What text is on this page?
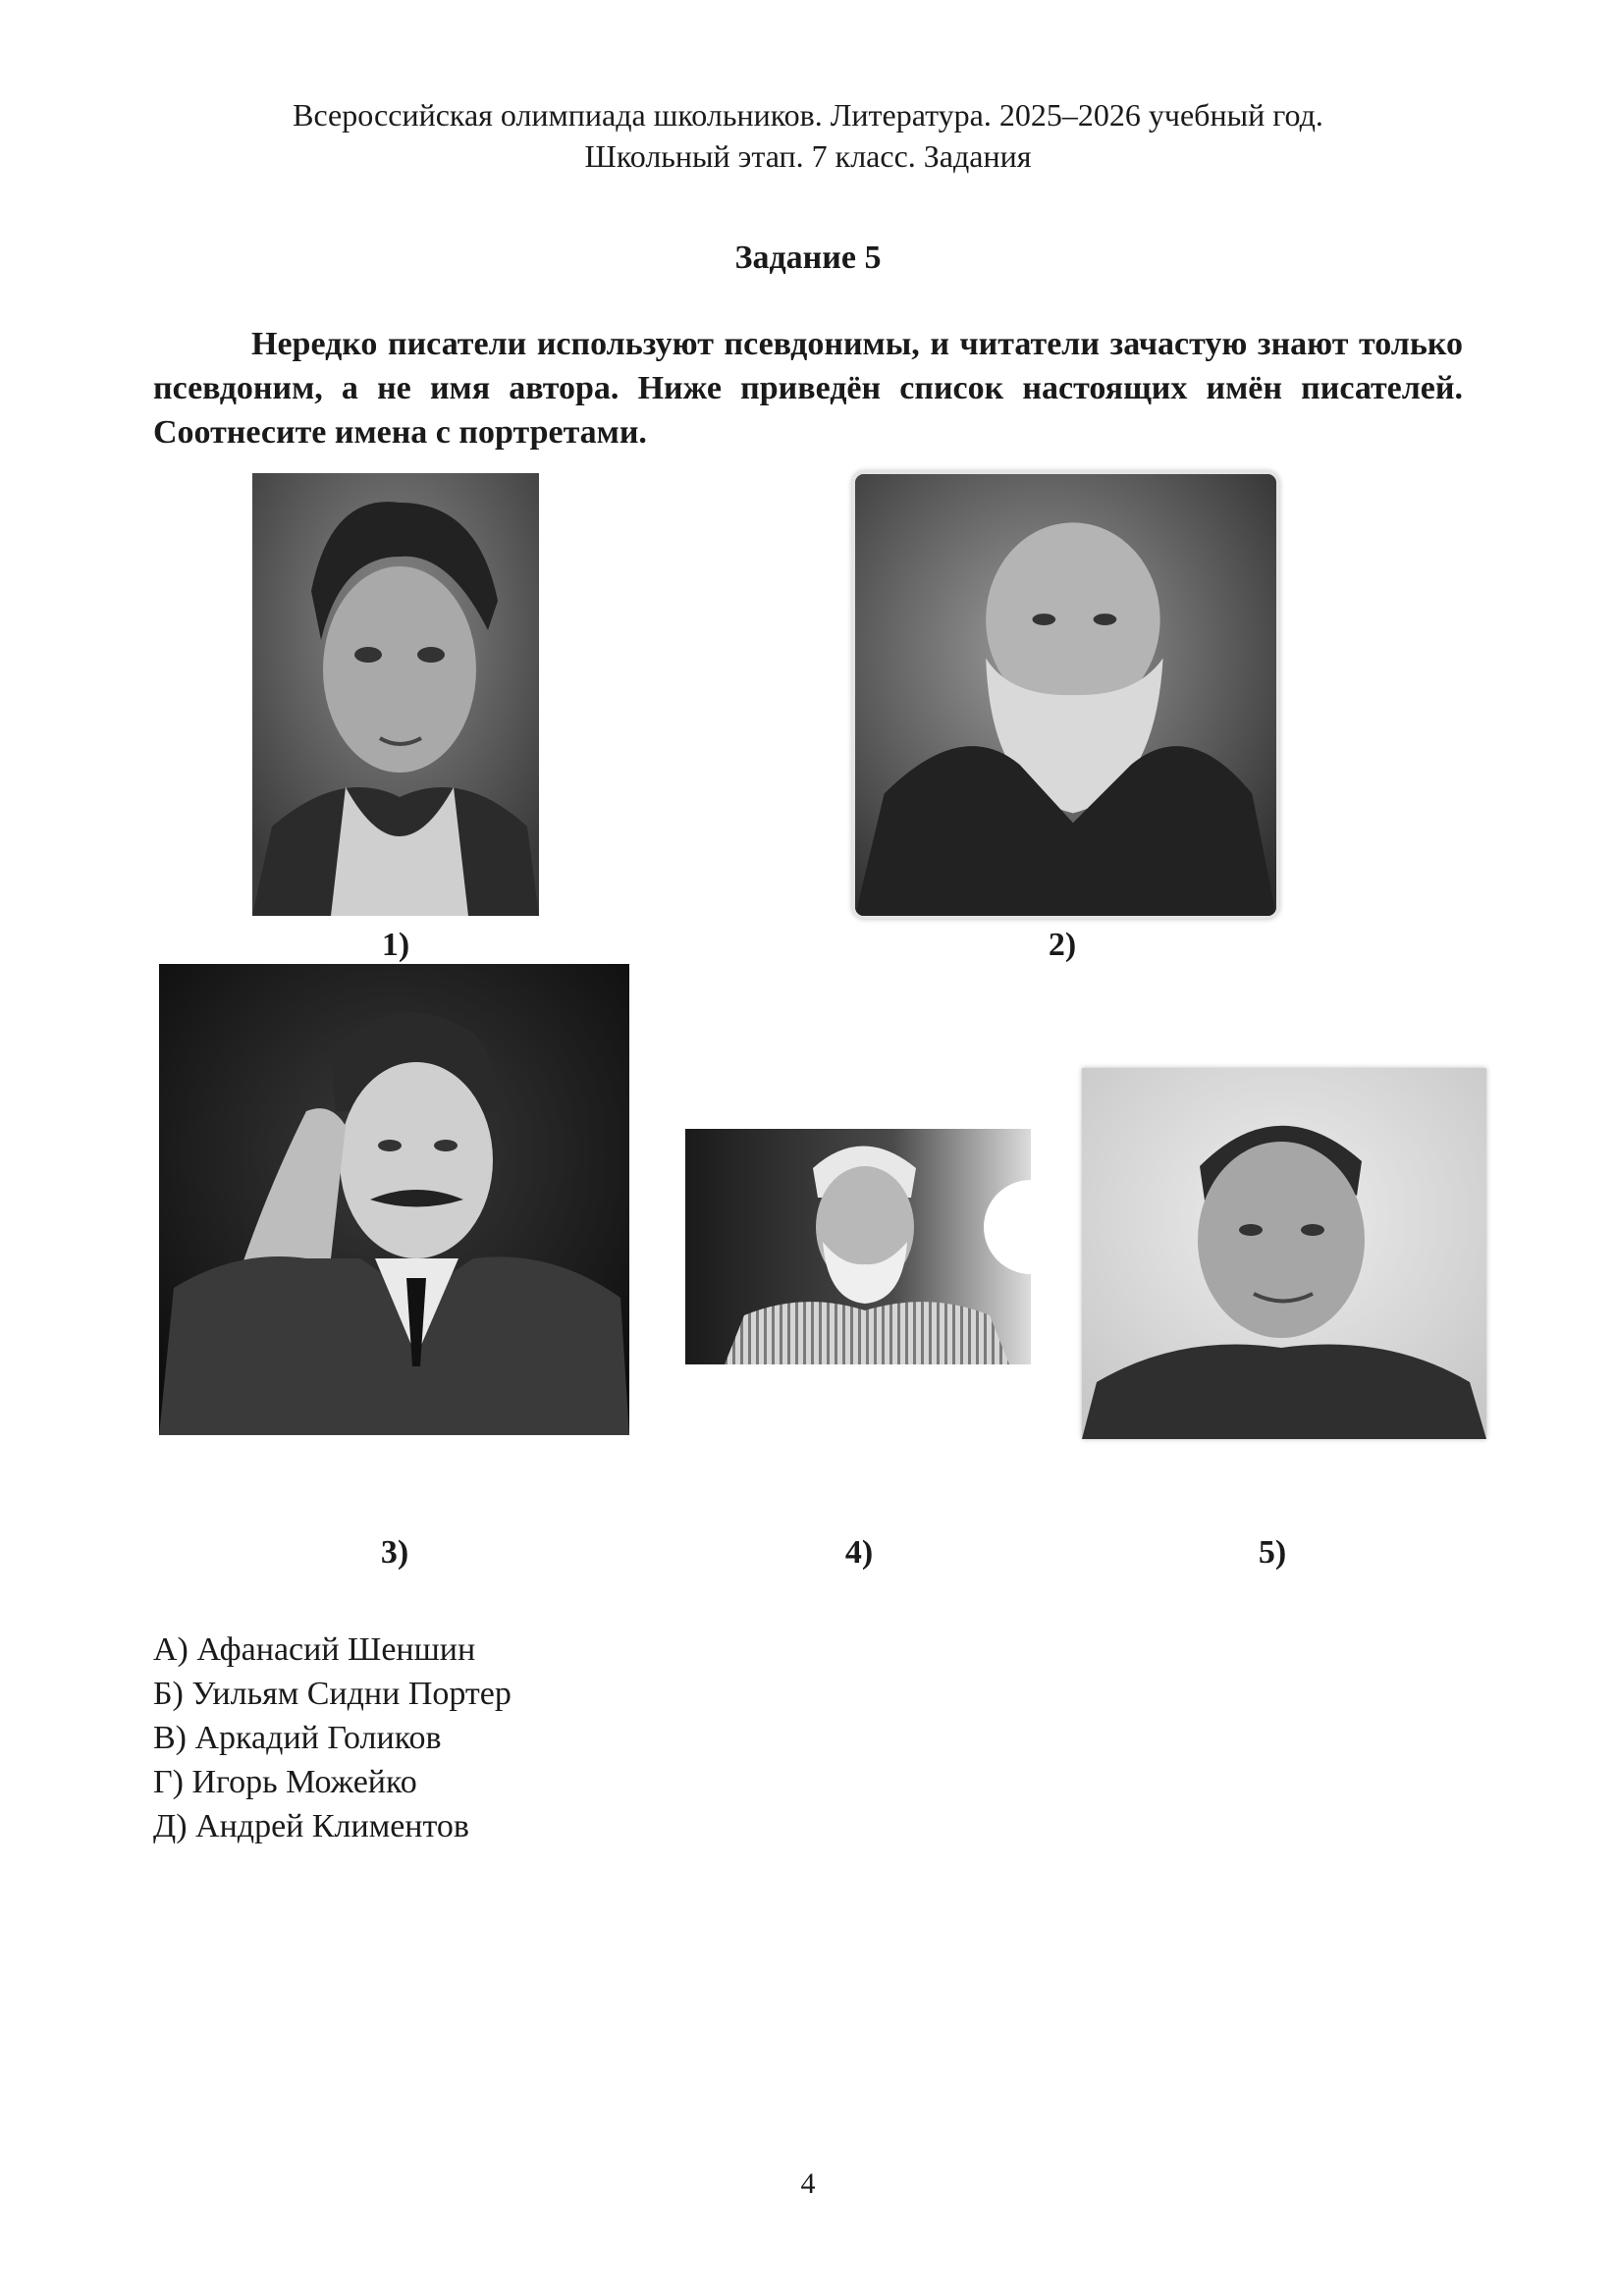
Всероссийская олимпиада школьников. Литература. 2025–2026 учебный год.
Школьный этап. 7 класс. Задания
Задание 5
Нередко писатели используют псевдонимы, и читатели зачастую знают только псевдоним, а не имя автора. Ниже приведён список настоящих имён писателей. Соотнесите имена с портретами.
1)	2)
3)	4)	5)
А) Афанасий Шеншин
Б) Уильям Сидни Портер
В) Аркадий Голиков
Г) Игорь Можейко
Д) Андрей Климентов
4
